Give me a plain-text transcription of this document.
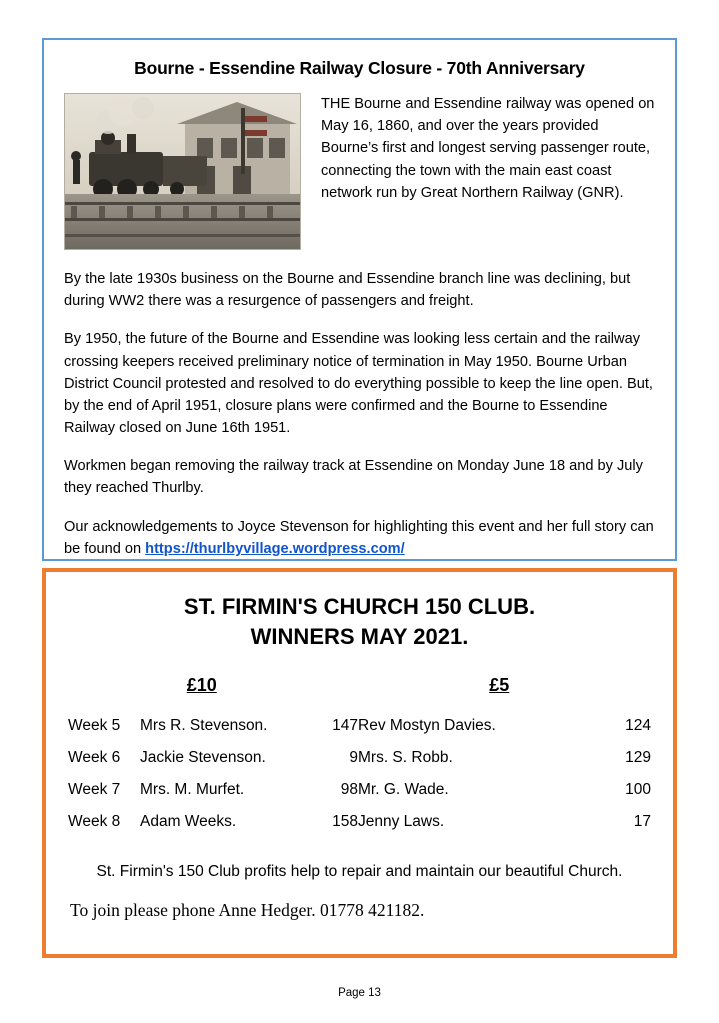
Bourne - Essendine Railway Closure - 70th Anniversary
THE Bourne and Essendine railway was opened on May 16, 1860, and over the years provided Bourne’s first and longest serving passenger route, connecting the town with the main east coast network run by Great Northern Railway (GNR).

By the late 1930s business on the Bourne and Essendine branch line was declining, but during WW2 there was a resurgence of passengers and freight.

By 1950, the future of the Bourne and Essendine was looking less certain and the railway crossing keepers received preliminary notice of termination in May 1950. Bourne Urban District Council protested and resolved to do everything possible to keep the line open. But, by the end of April 1951, closure plans were confirmed and the Bourne to Essendine Railway closed on June 16th 1951.

Workmen began removing the railway track at Essendine on Monday June 18 and by July they reached Thurlby.

Our acknowledgements to Joyce Stevenson for highlighting this event and her full story can be found on https://thurlbyvillage.wordpress.com/

ST. FIRMIN'S CHURCH 150 CLUB.
WINNERS MAY 2021.
£10	£5
Week 5	Mrs R. Stevenson.	147	Rev Mostyn Davies.	124
Week 6	Jackie Stevenson.	9	Mrs. S. Robb.	129
Week 7	Mrs. M. Murfet.	98	Mr. G. Wade.	100
Week 8	Adam Weeks.	158	Jenny Laws.	17
St. Firmin's 150 Club profits help to repair and maintain our beautiful Church.
To join please phone Anne Hedger. 01778 421182.
Page 13
